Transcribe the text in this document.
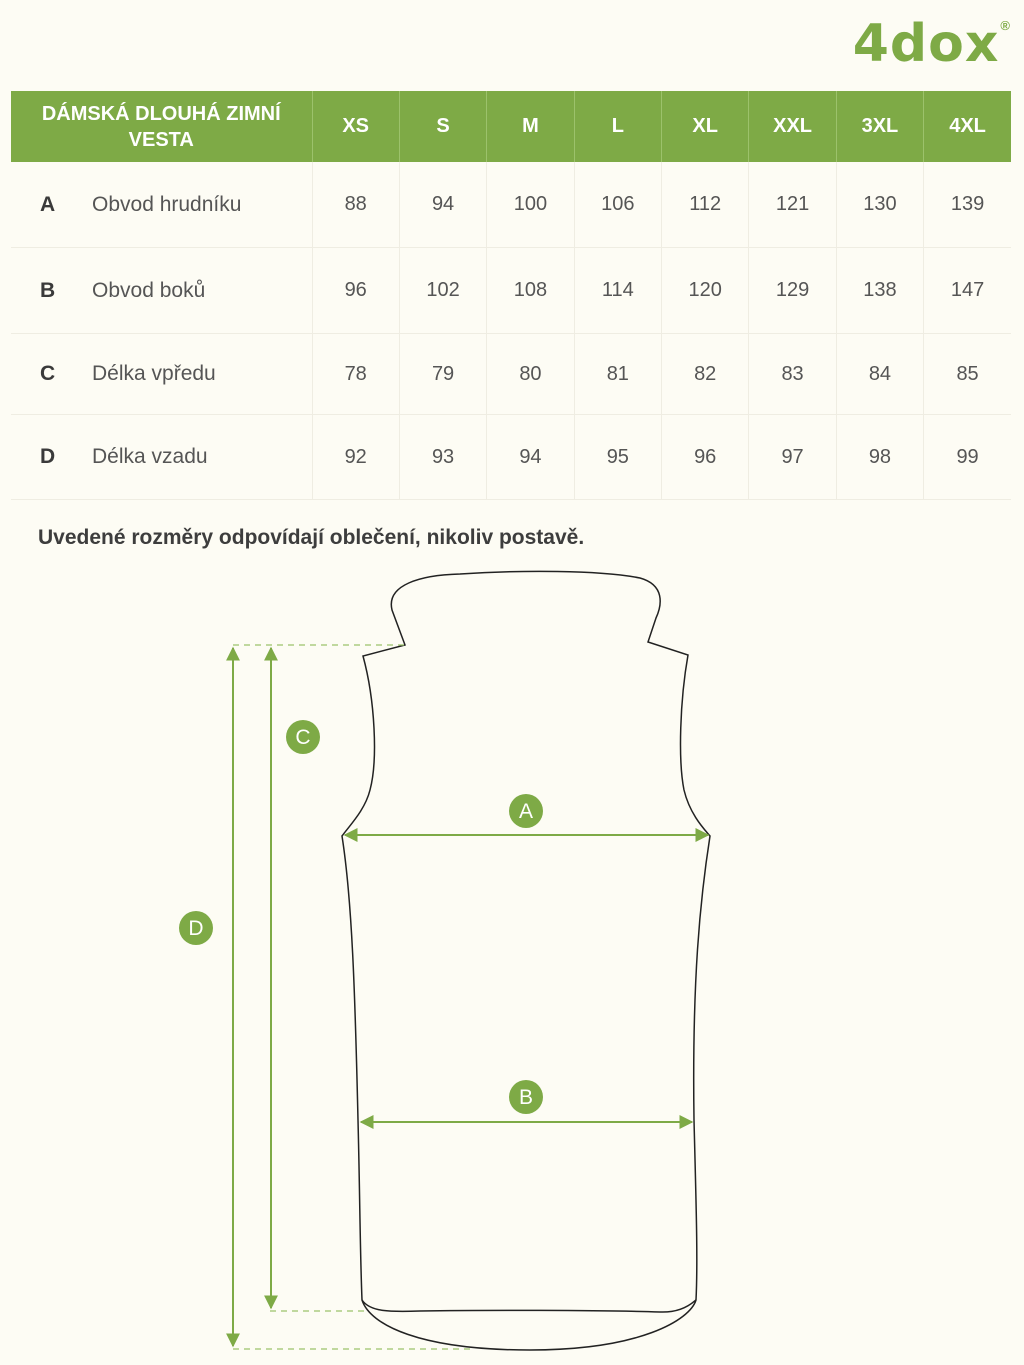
4dox ®
DÁMSKÁ DLOUHÁ ZIMNÍ VESTA	XS	S	M	L	XL	XXL	3XL	4XL

A Obvod hrudníku	88	94	100	106	112	121	130	139

B Obvod boků	96	102	108	114	120	129	138	147

C Délka vpředu	78	79	80	81	82	83	84	85

D Délka vzadu	92	93	94	95	96	97	98	99
Uvedené rozměry odpovídají oblečení, nikoliv postavě.
C
D
A
B
